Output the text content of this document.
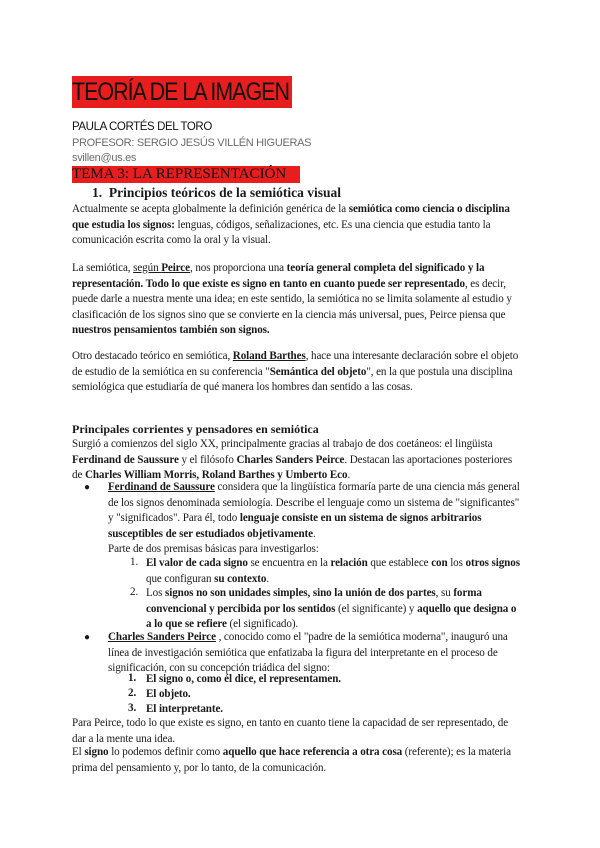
TEORÍA DE LA IMAGEN
PAULA CORTÉS DEL TORO
PROFESOR: SERGIO JESÚS VILLÉN HIGUERAS
svillen@us.es
TEMA 3: LA REPRESENTACIÓN
1. Principios teóricos de la semiótica visual
Actualmente se acepta globalmente la definición genérica de la semiótica como ciencia o disciplina que estudia los signos: lenguas, códigos, señalizaciones, etc. Es una ciencia que estudia tanto la comunicación escrita como la oral y la visual.
La semiótica, según Peirce, nos proporciona una teoría general completa del significado y la representación. Todo lo que existe es signo en tanto en cuanto puede ser representado, es decir, puede darle a nuestra mente una idea; en este sentido, la semiótica no se limita solamente al estudio y clasificación de los signos sino que se convierte en la ciencia más universal, pues, Peirce piensa que nuestros pensamientos también son signos.
Otro destacado teórico en semiótica, Roland Barthes, hace una interesante declaración sobre el objeto de estudio de la semiótica en su conferencia "Semántica del objeto", en la que postula una disciplina semiológica que estudiaría de qué manera los hombres dan sentido a las cosas.
Principales corrientes y pensadores en semiótica
Surgió a comienzos del siglo XX, principalmente gracias al trabajo de dos coetáneos: el lingüista Ferdinand de Saussure y el filósofo Charles Sanders Peirce. Destacan las aportaciones posteriores de Charles William Morris, Roland Barthes y Umberto Eco.
● Ferdinand de Saussure considera que la lingüística formaría parte de una ciencia más general de los signos denominada semiología. Describe el lenguaje como un sistema de "significantes" y "significados". Para él, todo lenguaje consiste en un sistema de signos arbitrarios susceptibles de ser estudiados objetivamente.
Parte de dos premisas básicas para investigarlos:
1. El valor de cada signo se encuentra en la relación que establece con los otros signos que configuran su contexto.
2. Los signos no son unidades simples, sino la unión de dos partes, su forma convencional y percibida por los sentidos (el significante) y aquello que designa o a lo que se refiere (el significado).
● Charles Sanders Peirce , conocido como el "padre de la semiótica moderna", inauguró una línea de investigación semiótica que enfatizaba la figura del interpretante en el proceso de significación, con su concepción triádica del signo:
1. El signo o, como él dice, el representamen.
2. El objeto.
3. El interpretante.
Para Peirce, todo lo que existe es signo, en tanto en cuanto tiene la capacidad de ser representado, de dar a la mente una idea.
El signo lo podemos definir como aquello que hace referencia a otra cosa (referente); es la materia prima del pensamiento y, por lo tanto, de la comunicación.
